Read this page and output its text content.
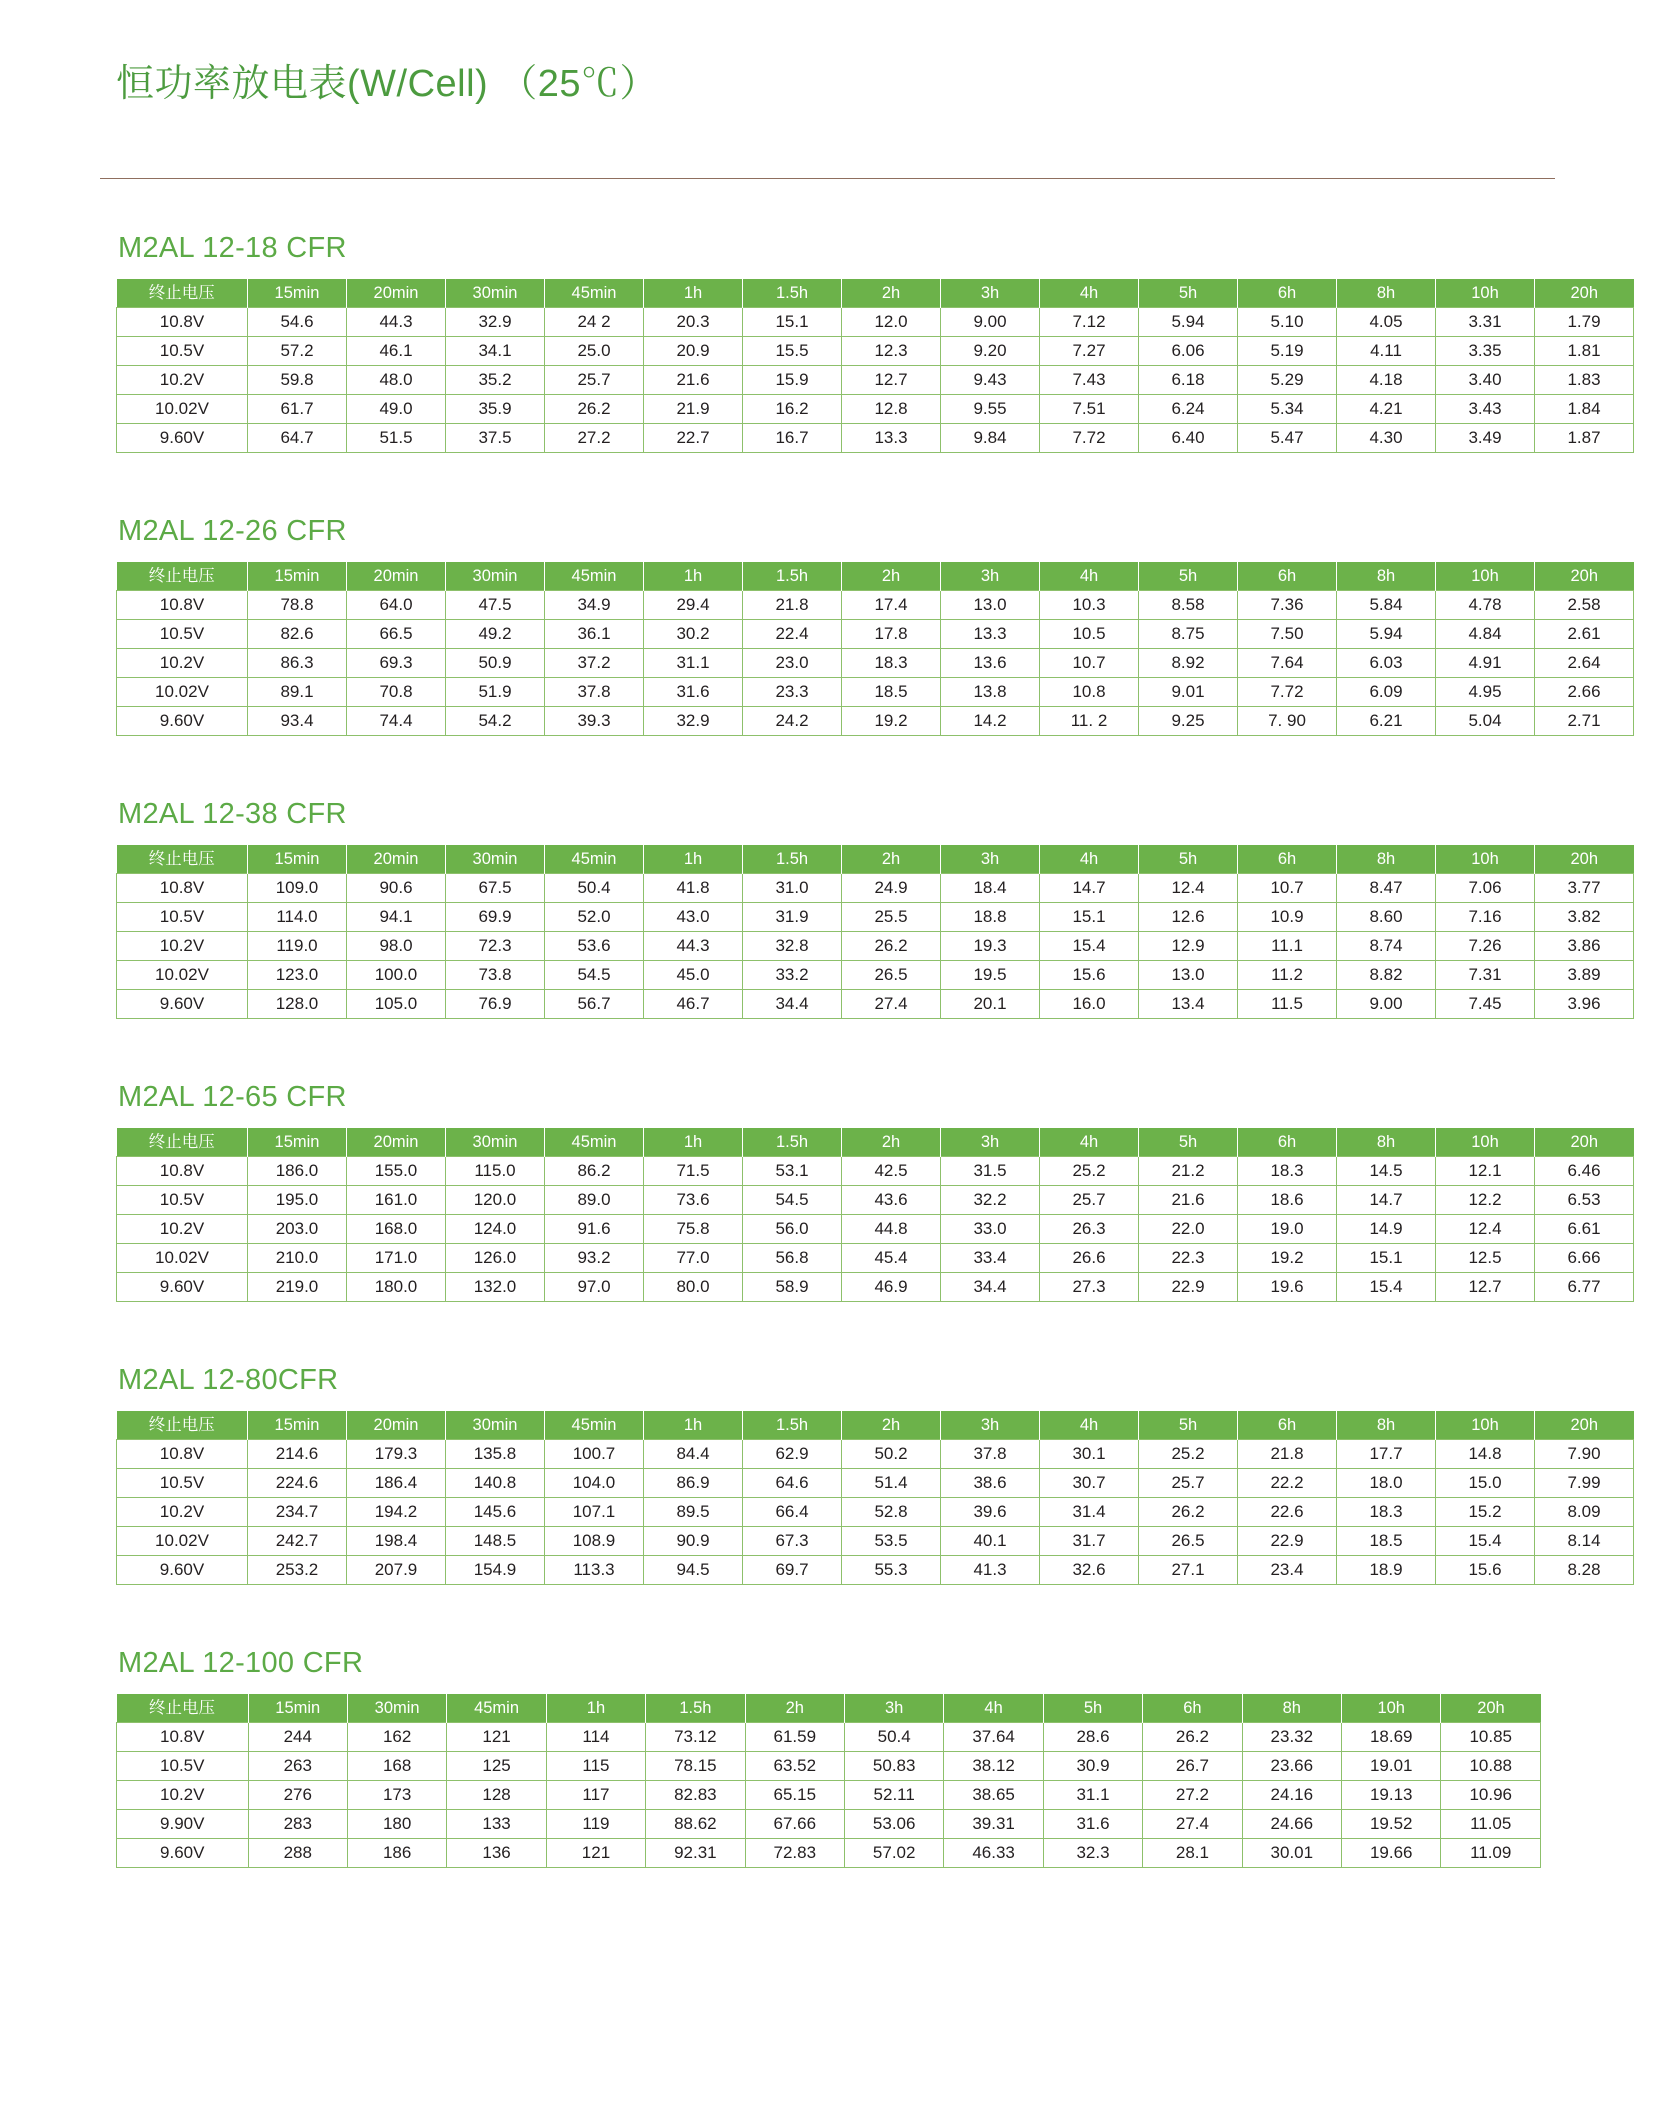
恒功率放电表(W/Cell) （25℃）
M2AL 12-18 CFR
终止电压	15min	20min	30min	45min	1h	1.5h	2h	3h	4h	5h	6h	8h	10h	20h
10.8V	54.6	44.3	32.9	24 2	20.3	15.1	12.0	9.00	7.12	5.94	5.10	4.05	3.31	1.79
10.5V	57.2	46.1	34.1	25.0	20.9	15.5	12.3	9.20	7.27	6.06	5.19	4.11	3.35	1.81
10.2V	59.8	48.0	35.2	25.7	21.6	15.9	12.7	9.43	7.43	6.18	5.29	4.18	3.40	1.83
10.02V	61.7	49.0	35.9	26.2	21.9	16.2	12.8	9.55	7.51	6.24	5.34	4.21	3.43	1.84
9.60V	64.7	51.5	37.5	27.2	22.7	16.7	13.3	9.84	7.72	6.40	5.47	4.30	3.49	1.87
M2AL 12-26 CFR
终止电压	15min	20min	30min	45min	1h	1.5h	2h	3h	4h	5h	6h	8h	10h	20h
10.8V	78.8	64.0	47.5	34.9	29.4	21.8	17.4	13.0	10.3	8.58	7.36	5.84	4.78	2.58
10.5V	82.6	66.5	49.2	36.1	30.2	22.4	17.8	13.3	10.5	8.75	7.50	5.94	4.84	2.61
10.2V	86.3	69.3	50.9	37.2	31.1	23.0	18.3	13.6	10.7	8.92	7.64	6.03	4.91	2.64
10.02V	89.1	70.8	51.9	37.8	31.6	23.3	18.5	13.8	10.8	9.01	7.72	6.09	4.95	2.66
9.60V	93.4	74.4	54.2	39.3	32.9	24.2	19.2	14.2	11. 2	9.25	7. 90	6.21	5.04	2.71
M2AL 12-38 CFR
终止电压	15min	20min	30min	45min	1h	1.5h	2h	3h	4h	5h	6h	8h	10h	20h
10.8V	109.0	90.6	67.5	50.4	41.8	31.0	24.9	18.4	14.7	12.4	10.7	8.47	7.06	3.77
10.5V	114.0	94.1	69.9	52.0	43.0	31.9	25.5	18.8	15.1	12.6	10.9	8.60	7.16	3.82
10.2V	119.0	98.0	72.3	53.6	44.3	32.8	26.2	19.3	15.4	12.9	11.1	8.74	7.26	3.86
10.02V	123.0	100.0	73.8	54.5	45.0	33.2	26.5	19.5	15.6	13.0	11.2	8.82	7.31	3.89
9.60V	128.0	105.0	76.9	56.7	46.7	34.4	27.4	20.1	16.0	13.4	11.5	9.00	7.45	3.96
M2AL 12-65 CFR
终止电压	15min	20min	30min	45min	1h	1.5h	2h	3h	4h	5h	6h	8h	10h	20h
10.8V	186.0	155.0	115.0	86.2	71.5	53.1	42.5	31.5	25.2	21.2	18.3	14.5	12.1	6.46
10.5V	195.0	161.0	120.0	89.0	73.6	54.5	43.6	32.2	25.7	21.6	18.6	14.7	12.2	6.53
10.2V	203.0	168.0	124.0	91.6	75.8	56.0	44.8	33.0	26.3	22.0	19.0	14.9	12.4	6.61
10.02V	210.0	171.0	126.0	93.2	77.0	56.8	45.4	33.4	26.6	22.3	19.2	15.1	12.5	6.66
9.60V	219.0	180.0	132.0	97.0	80.0	58.9	46.9	34.4	27.3	22.9	19.6	15.4	12.7	6.77
M2AL 12-80CFR
终止电压	15min	20min	30min	45min	1h	1.5h	2h	3h	4h	5h	6h	8h	10h	20h
10.8V	214.6	179.3	135.8	100.7	84.4	62.9	50.2	37.8	30.1	25.2	21.8	17.7	14.8	7.90
10.5V	224.6	186.4	140.8	104.0	86.9	64.6	51.4	38.6	30.7	25.7	22.2	18.0	15.0	7.99
10.2V	234.7	194.2	145.6	107.1	89.5	66.4	52.8	39.6	31.4	26.2	22.6	18.3	15.2	8.09
10.02V	242.7	198.4	148.5	108.9	90.9	67.3	53.5	40.1	31.7	26.5	22.9	18.5	15.4	8.14
9.60V	253.2	207.9	154.9	113.3	94.5	69.7	55.3	41.3	32.6	27.1	23.4	18.9	15.6	8.28
M2AL 12-100 CFR
终止电压	15min	30min	45min	1h	1.5h	2h	3h	4h	5h	6h	8h	10h	20h
10.8V	244	162	121	114	73.12	61.59	50.4	37.64	28.6	26.2	23.32	18.69	10.85
10.5V	263	168	125	115	78.15	63.52	50.83	38.12	30.9	26.7	23.66	19.01	10.88
10.2V	276	173	128	117	82.83	65.15	52.11	38.65	31.1	27.2	24.16	19.13	10.96
9.90V	283	180	133	119	88.62	67.66	53.06	39.31	31.6	27.4	24.66	19.52	11.05
9.60V	288	186	136	121	92.31	72.83	57.02	46.33	32.3	28.1	30.01	19.66	11.09
